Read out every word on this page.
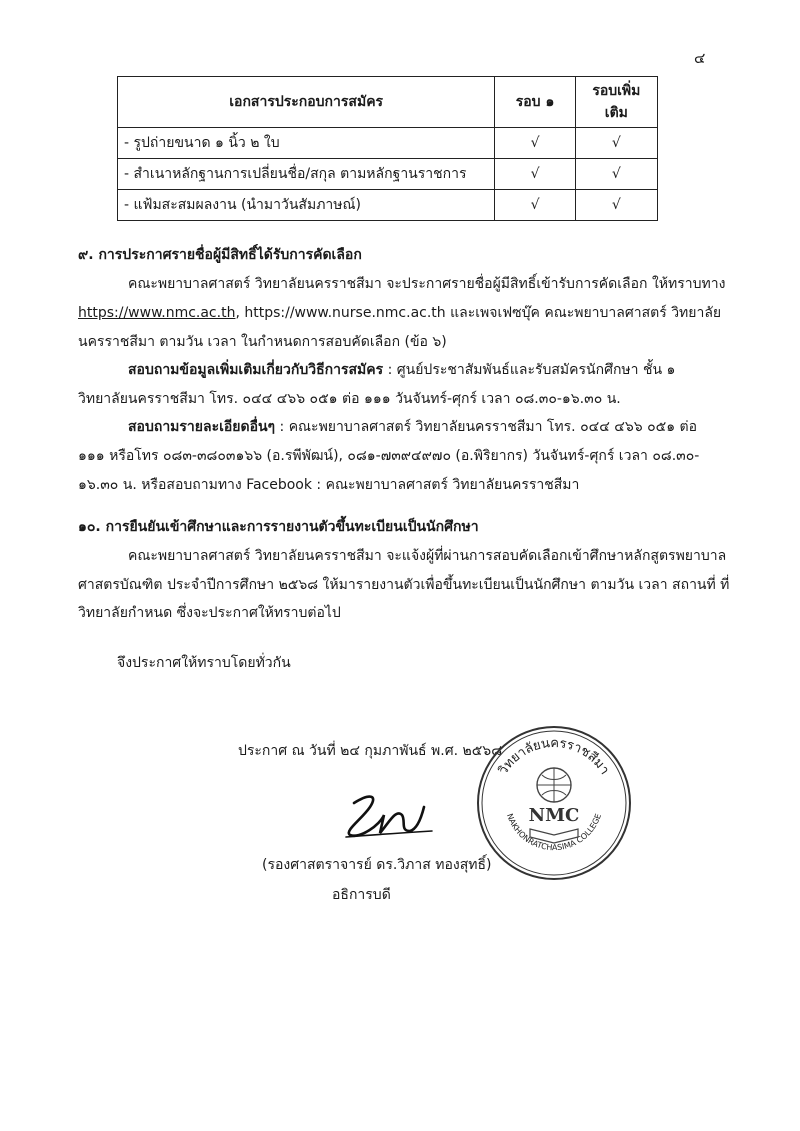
๔
เอกสารประกอบการสมัคร	รอบ ๑	รอบเพิ่มเติม
- รูปถ่ายขนาด ๑ นิ้ว ๒ ใบ	√	√
- สำเนาหลักฐานการเปลี่ยนชื่อ/สกุล ตามหลักฐานราชการ	√	√
- แฟ้มสะสมผลงาน (นำมาวันสัมภาษณ์)	√	√
๙. การประกาศรายชื่อผู้มีสิทธิ์ได้รับการคัดเลือก
คณะพยาบาลศาสตร์ วิทยาลัยนครราชสีมา จะประกาศรายชื่อผู้มีสิทธิ์เข้ารับการคัดเลือก ให้ทราบทาง
https://www.nmc.ac.th, https://www.nurse.nmc.ac.th และเพจเฟซบุ๊ค คณะพยาบาลศาสตร์ วิทยาลัย
นครราชสีมา ตามวัน เวลา ในกำหนดการสอบคัดเลือก (ข้อ ๖)
สอบถามข้อมูลเพิ่มเติมเกี่ยวกับวิธีการสมัคร : ศูนย์ประชาสัมพันธ์และรับสมัครนักศึกษา ชั้น ๑
วิทยาลัยนครราชสีมา โทร. ๐๔๔ ๔๖๖ ๐๕๑ ต่อ ๑๑๑ วันจันทร์-ศุกร์ เวลา ๐๘.๓๐-๑๖.๓๐ น.
สอบถามรายละเอียดอื่นๆ : คณะพยาบาลศาสตร์ วิทยาลัยนครราชสีมา โทร. ๐๔๔ ๔๖๖ ๐๕๑ ต่อ
๑๑๑ หรือโทร ๐๘๓-๓๘๐๓๑๖๖ (อ.รพีพัฒน์), ๐๘๑-๗๓๙๔๙๗๐ (อ.พิริยากร) วันจันทร์-ศุกร์ เวลา ๐๘.๓๐-
๑๖.๓๐ น. หรือสอบถามทาง Facebook : คณะพยาบาลศาสตร์ วิทยาลัยนครราชสีมา
๑๐. การยืนยันเข้าศึกษาและการรายงานตัวขึ้นทะเบียนเป็นนักศึกษา
คณะพยาบาลศาสตร์ วิทยาลัยนครราชสีมา จะแจ้งผู้ที่ผ่านการสอบคัดเลือกเข้าศึกษาหลักสูตรพยาบาล
ศาสตรบัณฑิต ประจำปีการศึกษา ๒๕๖๘ ให้มารายงานตัวเพื่อขึ้นทะเบียนเป็นนักศึกษา ตามวัน เวลา สถานที่ ที่
วิทยาลัยกำหนด ซึ่งจะประกาศให้ทราบต่อไป
จึงประกาศให้ทราบโดยทั่วกัน
ประกาศ ณ วันที่ ๒๔ กุมภาพันธ์ พ.ศ. ๒๕๖๘
(รองศาสตราจารย์ ดร.วิภาส ทองสุทธิ์)
อธิการบดี
วิทยาลัยนครราชสีมา
NAKHONRATCHASIMA COLLEGE
NMC
